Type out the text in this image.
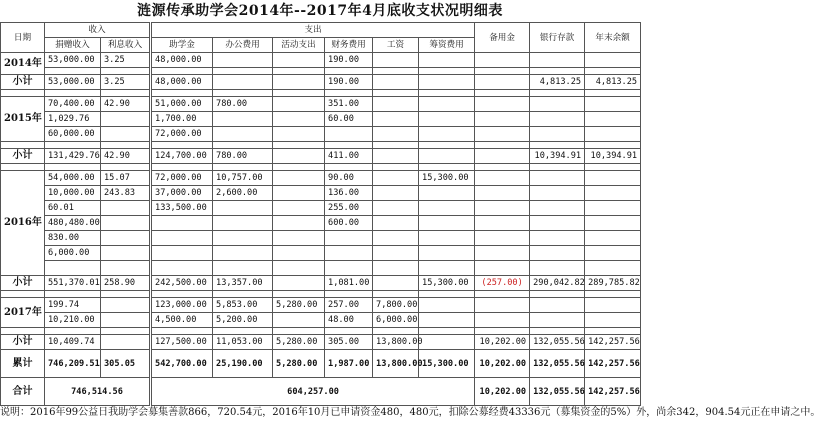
涟源传承助学会2014年--2017年4月底收支状况明细表
日期	收入		支出						备用金	银行存款	年末余额
	捐赠收入	利息收入	助学金	办公费用	活动支出	财务费用	工资	筹资费用			
2014年	53,000.00	3.25	48,000.00			190.00					

小计	53,000.00	3.25	48,000.00			190.00				4,813.25	4,813.25

2015年	70,400.00	42.90	51,000.00	780.00		351.00					
	1,029.76		1,700.00			60.00					
	60,000.00		72,000.00								

小计	131,429.76	42.90	124,700.00	780.00		411.00				10,394.91	10,394.91

2016年	54,000.00	15.07	72,000.00	10,757.00		90.00		15,300.00			
	10,000.00	243.83	37,000.00	2,600.00		136.00					
	60.01		133,500.00			255.00					
	480,480.00					600.00					
	830.00										
	6,000.00										

小计	551,370.01	258.90	242,500.00	13,357.00		1,081.00		15,300.00	(257.00)	290,042.82	289,785.82

2017年	199.74		123,000.00	5,853.00	5,280.00	257.00	7,800.00				
	10,210.00		4,500.00	5,200.00		48.00	6,000.00				

小计	10,409.74		127,500.00	11,053.00	5,280.00	305.00	13,800.00		10,202.00	132,055.56	142,257.56
累计	746,209.51	305.05	542,700.00	25,190.00	5,280.00	1,987.00	13,800.00	15,300.00	10,202.00	132,055.56	142,257.56
合计	746,514.56		604,257.00						10,202.00	132,055.56	142,257.56
说明：2016年99公益日我助学会募集善款866，720.54元，2016年10月已申请资金480，480元，扣除公募经费43336元（募集资金的5%）外，尚余342，904.54元正在申请之中。
